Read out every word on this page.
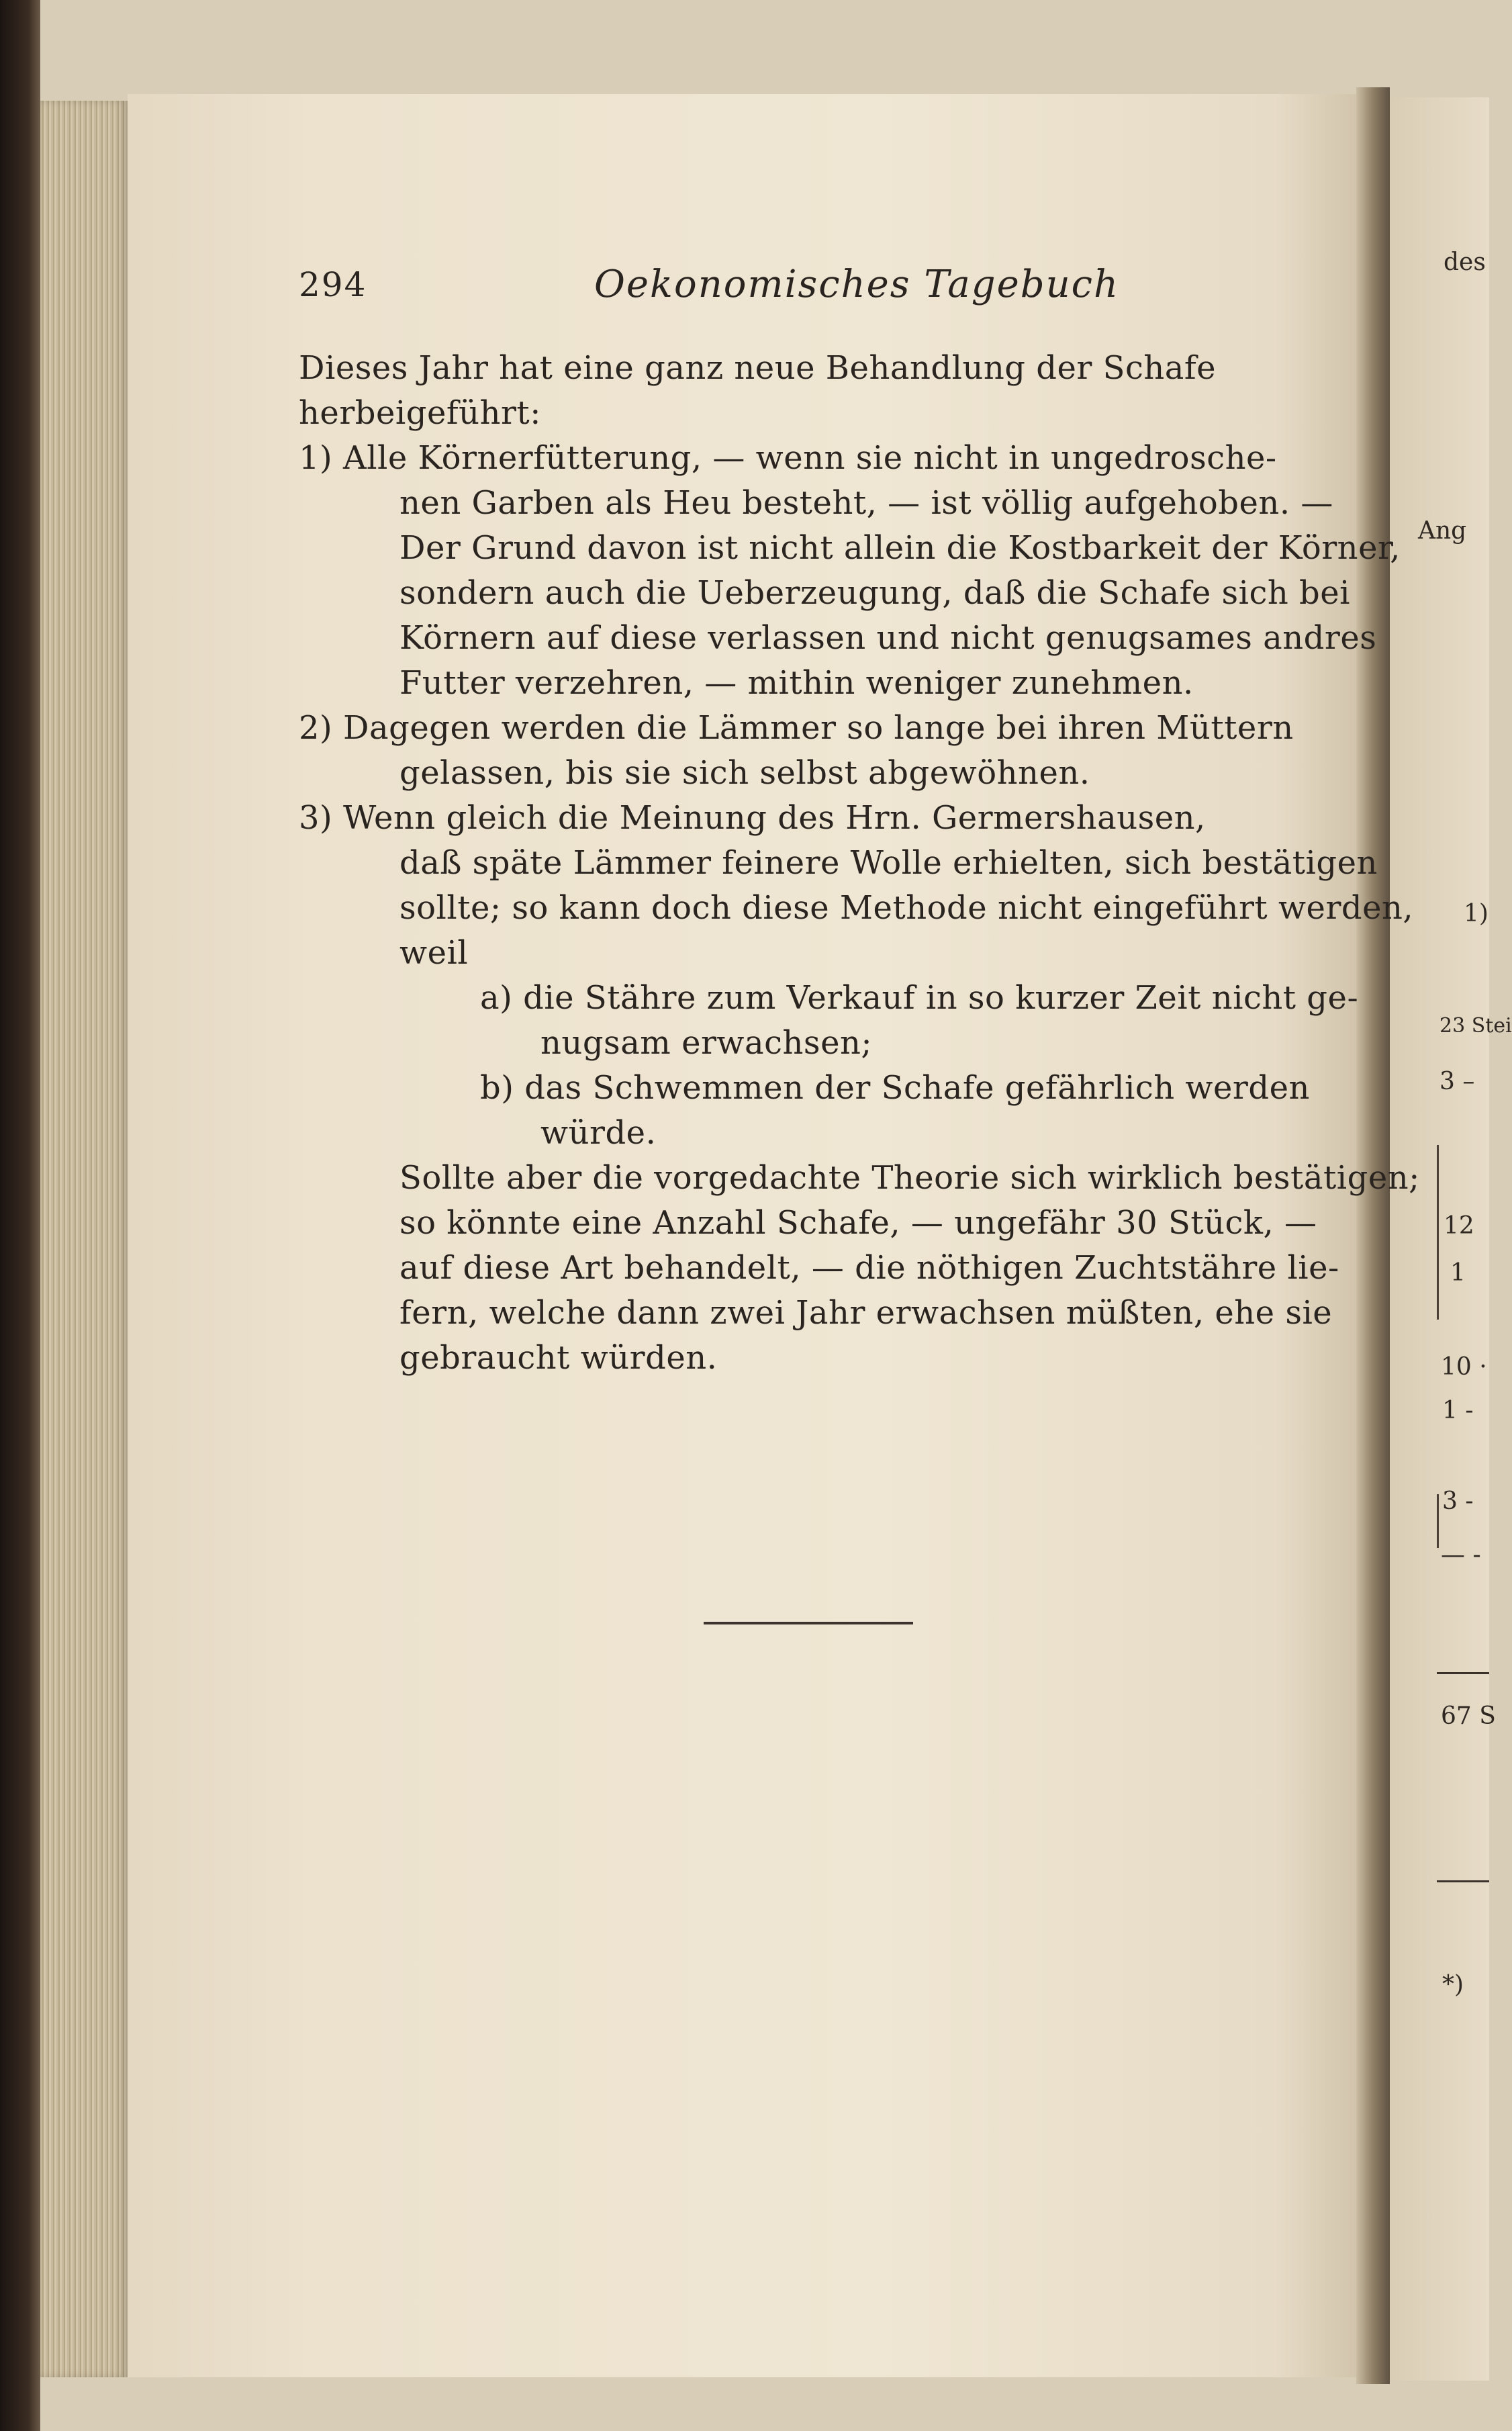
des
Ang
1)
23 Stei
3 –
12
1
10 ·
1 -
3 -
— -
67 S
*)
294	Oekonomisches Tagebuch
Dieses Jahr hat eine ganz neue Behandlung der Schafe
herbeigeführt:
1) Alle Körnerfütterung, — wenn sie nicht in ungedrosche-
nen Garben als Heu besteht, — ist völlig aufgehoben. —
Der Grund davon ist nicht allein die Kostbarkeit der Körner,
sondern auch die Ueberzeugung, daß die Schafe sich bei
Körnern auf diese verlassen und nicht genugsames andres
Futter verzehren, — mithin weniger zunehmen.
2) Dagegen werden die Lämmer so lange bei ihren Müttern
gelassen, bis sie sich selbst abgewöhnen.
3) Wenn gleich die Meinung des Hrn. Germershausen,
daß späte Lämmer feinere Wolle erhielten, sich bestätigen
sollte; so kann doch diese Methode nicht eingeführt werden,
weil
a) die Stähre zum Verkauf in so kurzer Zeit nicht ge-
nugsam erwachsen;
b) das Schwemmen der Schafe gefährlich werden
würde.
Sollte aber die vorgedachte Theorie sich wirklich bestätigen;
so könnte eine Anzahl Schafe, — ungefähr 30 Stück, —
auf diese Art behandelt, — die nöthigen Zuchtstähre lie-
fern, welche dann zwei Jahr erwachsen müßten, ehe sie
gebraucht würden.
